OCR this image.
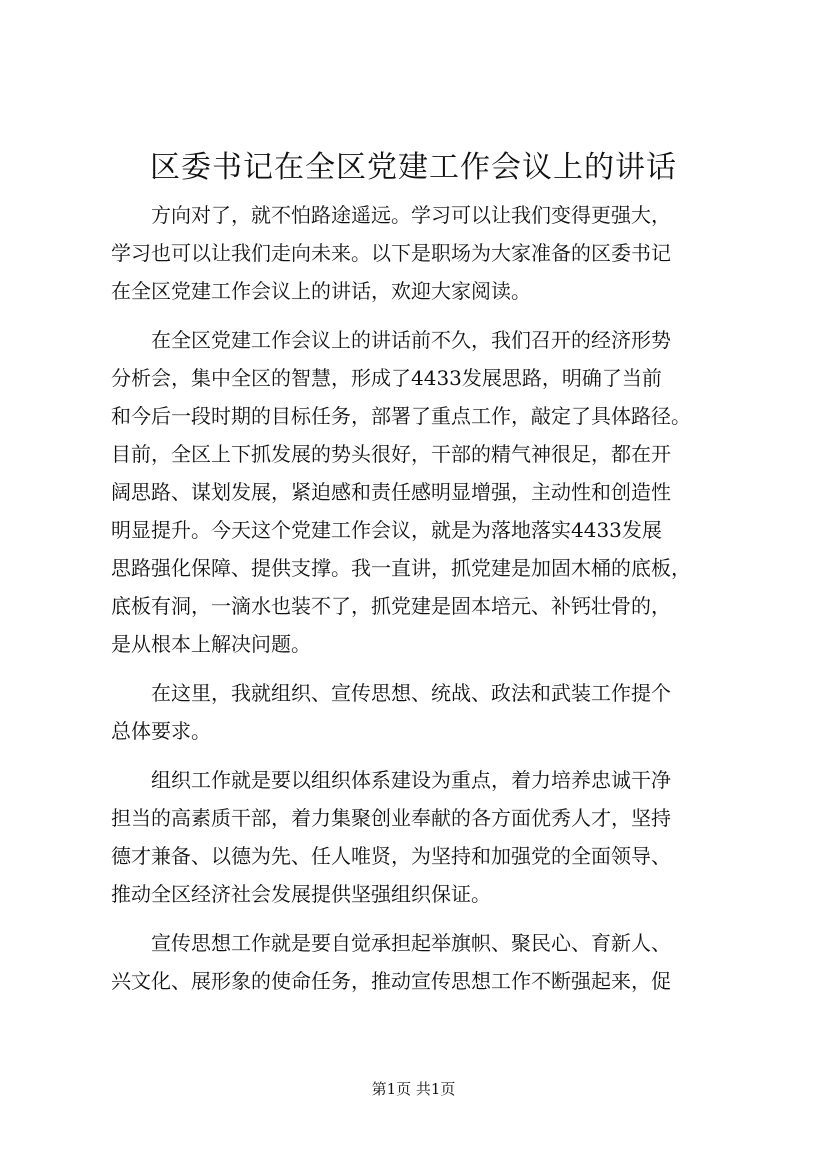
区委书记在全区党建工作会议上的讲话

　　方向对了，就不怕路途遥远。学习可以让我们变得更强大，

学习也可以让我们走向未来。以下是职场为大家准备的区委书记

在全区党建工作会议上的讲话，欢迎大家阅读。

　　在全区党建工作会议上的讲话前不久，我们召开的经济形势

分析会，集中全区的智慧，形成了4433发展思路，明确了当前

和今后一段时期的目标任务，部署了重点工作，敲定了具体路径。

目前，全区上下抓发展的势头很好，干部的精气神很足，都在开

阔思路、谋划发展，紧迫感和责任感明显增强，主动性和创造性

明显提升。今天这个党建工作会议，就是为落地落实4433发展

思路强化保障、提供支撑。我一直讲，抓党建是加固木桶的底板，

底板有洞，一滴水也装不了，抓党建是固本培元、补钙壮骨的，

是从根本上解决问题。

　　在这里，我就组织、宣传思想、统战、政法和武装工作提个

总体要求。

　　组织工作就是要以组织体系建设为重点，着力培养忠诚干净

担当的高素质干部，着力集聚创业奉献的各方面优秀人才，坚持

德才兼备、以德为先、任人唯贤，为坚持和加强党的全面领导、

推动全区经济社会发展提供坚强组织保证。

　　宣传思想工作就是要自觉承担起举旗帜、聚民心、育新人、

兴文化、展形象的使命任务，推动宣传思想工作不断强起来，促

第1页 共1页
